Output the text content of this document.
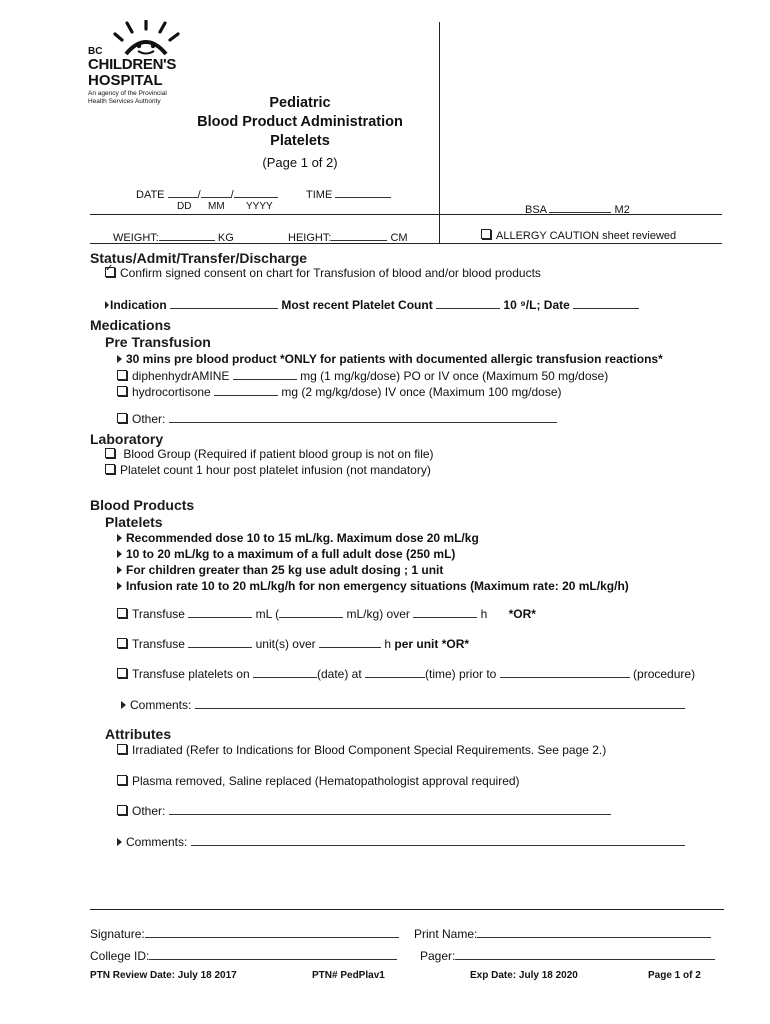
BC
CHILDREN'S
HOSPITAL
An agency of the Provincial
Health Services Authority	Pediatric
Blood Product Administration
Platelets
(Page 1 of 2)
DATE	/	/	TIME
DD MM YYYY	BSA	M2
WEIGHT:	KG	HEIGHT:	CM	ALLERGY CAUTION sheet reviewed
Status/Admit/Transfer/Discharge
✓Confirm signed consent on chart for Transfusion of blood and/or blood products
Indication	Most recent Platelet Count	10 ⁹/L; Date
Medications
Pre Transfusion
30 mins pre blood product *ONLY for patients with documented allergic transfusion reactions*
diphenhydrAMINE	mg (1 mg/kg/dose) PO or IV once (Maximum 50 mg/dose)
hydrocortisone	mg (2 mg/kg/dose) IV once (Maximum 100 mg/dose)
Other:
Laboratory
Blood Group (Required if patient blood group is not on file)
Platelet count 1 hour post platelet infusion (not mandatory)
Blood Products
Platelets
Recommended dose 10 to 15 mL/kg. Maximum dose 20 mL/kg
10 to 20 mL/kg to a maximum of a full adult dose (250 mL)
For children greater than 25 kg use adult dosing ; 1 unit
Infusion rate 10 to 20 mL/kg/h for non emergency situations (Maximum rate: 20 mL/kg/h)
Transfuse	mL (	mL/kg) over	h *OR*
Transfuse	unit(s) over	h per unit *OR*
Transfuse platelets on	(date) at	(time) prior to	(procedure)
Comments:
Attributes
Irradiated (Refer to Indications for Blood Component Special Requirements. See page 2.)
Plasma removed, Saline replaced (Hematopathologist approval required)
Other:
Comments:
Signature:	Print Name:
College ID:	Pager:
PTN Review Date: July 18 2017	PTN# PedPlav1	Exp Date: July 18 2020	Page 1 of 2
